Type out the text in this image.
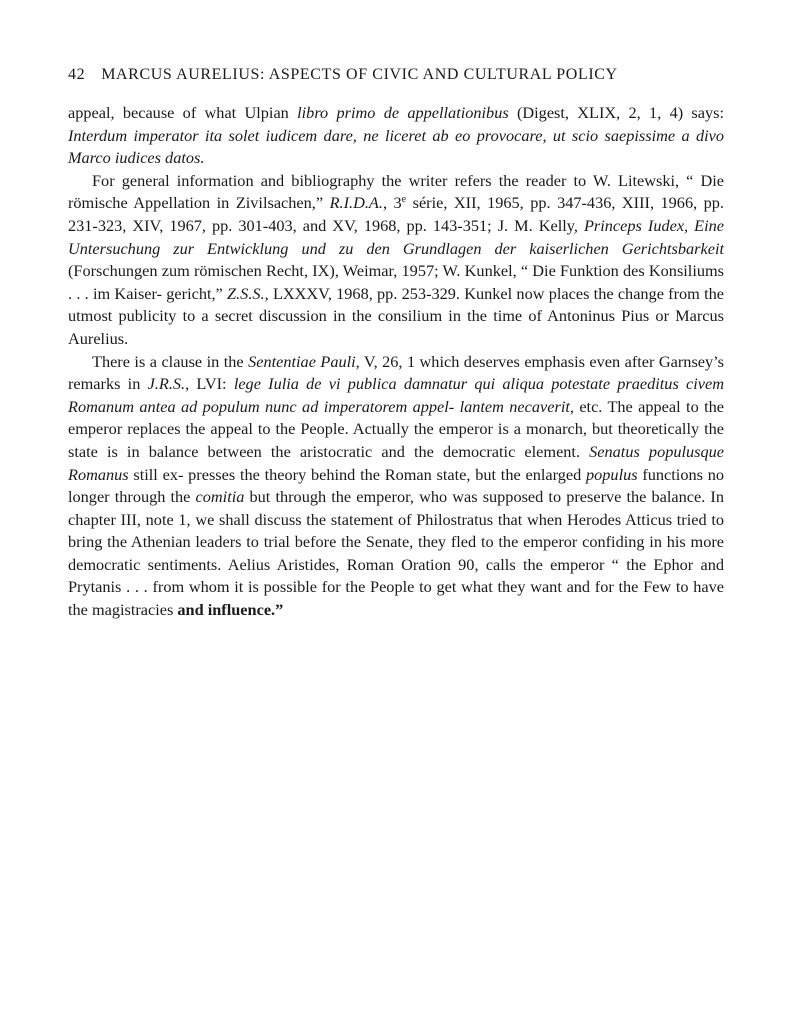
42 MARCUS AURELIUS: ASPECTS OF CIVIC AND CULTURAL POLICY

appeal, because of what Ulpian libro primo de appellationibus (Digest, XLIX, 2, 1, 4) says: Interdum imperator ita solet iudicem dare, ne liceret ab eo provocare, ut scio saepissime a divo Marco iudices datos.

For general information and bibliography the writer refers the reader to W. Litewski, “ Die römische Appellation in Zivilsachen,” R.I.D.A., 3e série, XII, 1965, pp. 347-436, XIII, 1966, pp. 231-323, XIV, 1967, pp. 301-403, and XV, 1968, pp. 143-351; J. M. Kelly, Princeps Iudex, Eine Untersuchung zur Entwicklung und zu den Grundlagen der kaiserlichen Gerichtsbarkeit (Forschungen zum römischen Recht, IX), Weimar, 1957; W. Kunkel, “ Die Funktion des Konsiliums . . . im Kaiser- gericht,” Z.S.S., LXXXV, 1968, pp. 253-329. Kunkel now places the change from the utmost publicity to a secret discussion in the consilium in the time of Antoninus Pius or Marcus Aurelius.

There is a clause in the Sententiae Pauli, V, 26, 1 which deserves emphasis even after Garnsey’s remarks in J.R.S., LVI: lege Iulia de vi publica damnatur qui aliqua potestate praeditus civem Romanum antea ad populum nunc ad imperatorem appel- lantem necaverit, etc. The appeal to the emperor replaces the appeal to the People. Actually the emperor is a monarch, but theoretically the state is in balance between the aristocratic and the democratic element. Senatus populusque Romanus still ex- presses the theory behind the Roman state, but the enlarged populus functions no longer through the comitia but through the emperor, who was supposed to preserve the balance. In chapter III, note 1, we shall discuss the statement of Philostratus that when Herodes Atticus tried to bring the Athenian leaders to trial before the Senate, they fled to the emperor confiding in his more democratic sentiments. Aelius Aristides, Roman Oration 90, calls the emperor “ the Ephor and Prytanis . . . from whom it is possible for the People to get what they want and for the Few to have the magistracies and influence.”
